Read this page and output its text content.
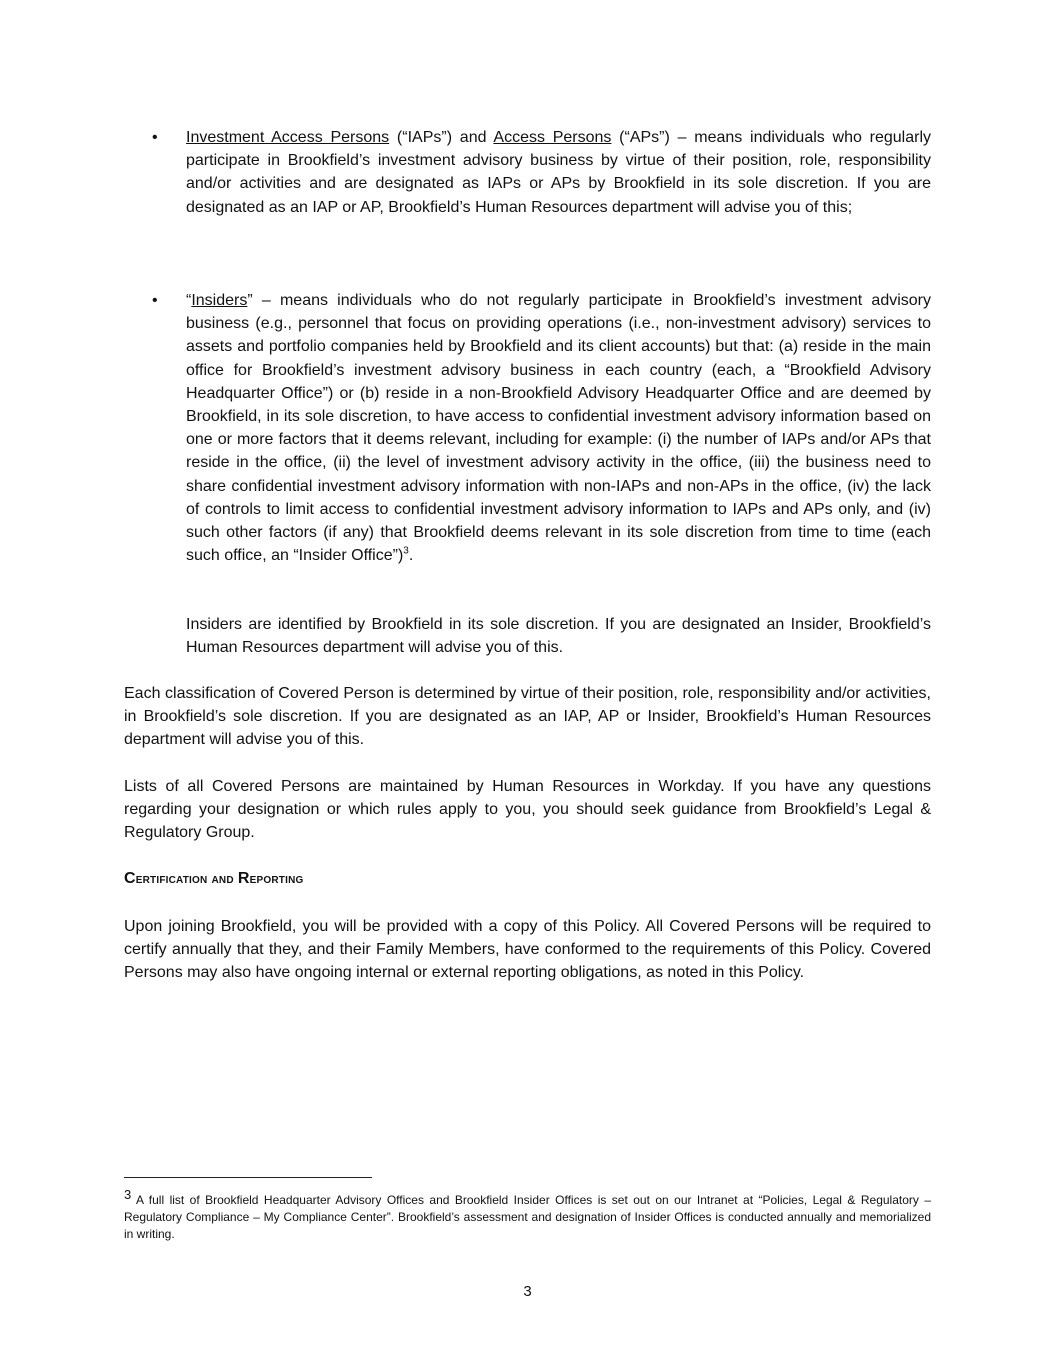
• Investment Access Persons (“IAPs”) and Access Persons (“APs”) – means individuals who regularly participate in Brookfield’s investment advisory business by virtue of their position, role, responsibility and/or activities and are designated as IAPs or APs by Brookfield in its sole discretion. If you are designated as an IAP or AP, Brookfield’s Human Resources department will advise you of this;
• “Insiders” – means individuals who do not regularly participate in Brookfield’s investment advisory business (e.g., personnel that focus on providing operations (i.e., non-investment advisory) services to assets and portfolio companies held by Brookfield and its client accounts) but that: (a) reside in the main office for Brookfield’s investment advisory business in each country (each, a “Brookfield Advisory Headquarter Office”) or (b) reside in a non-Brookfield Advisory Headquarter Office and are deemed by Brookfield, in its sole discretion, to have access to confidential investment advisory information based on one or more factors that it deems relevant, including for example: (i) the number of IAPs and/or APs that reside in the office, (ii) the level of investment advisory activity in the office, (iii) the business need to share confidential investment advisory information with non-IAPs and non-APs in the office, (iv) the lack of controls to limit access to confidential investment advisory information to IAPs and APs only, and (iv) such other factors (if any) that Brookfield deems relevant in its sole discretion from time to time (each such office, an “Insider Office”)$^3$.
Insiders are identified by Brookfield in its sole discretion. If you are designated an Insider, Brookfield’s Human Resources department will advise you of this.
Each classification of Covered Person is determined by virtue of their position, role, responsibility and/or activities, in Brookfield’s sole discretion. If you are designated as an IAP, AP or Insider, Brookfield’s Human Resources department will advise you of this.
Lists of all Covered Persons are maintained by Human Resources in Workday. If you have any questions regarding your designation or which rules apply to you, you should seek guidance from Brookfield’s Legal & Regulatory Group.
Certification and Reporting
Upon joining Brookfield, you will be provided with a copy of this Policy. All Covered Persons will be required to certify annually that they, and their Family Members, have conformed to the requirements of this Policy. Covered Persons may also have ongoing internal or external reporting obligations, as noted in this Policy.
$^3$ A full list of Brookfield Headquarter Advisory Offices and Brookfield Insider Offices is set out on our Intranet at “Policies, Legal & Regulatory – Regulatory Compliance – My Compliance Center”. Brookfield’s assessment and designation of Insider Offices is conducted annually and memorialized in writing.
3
